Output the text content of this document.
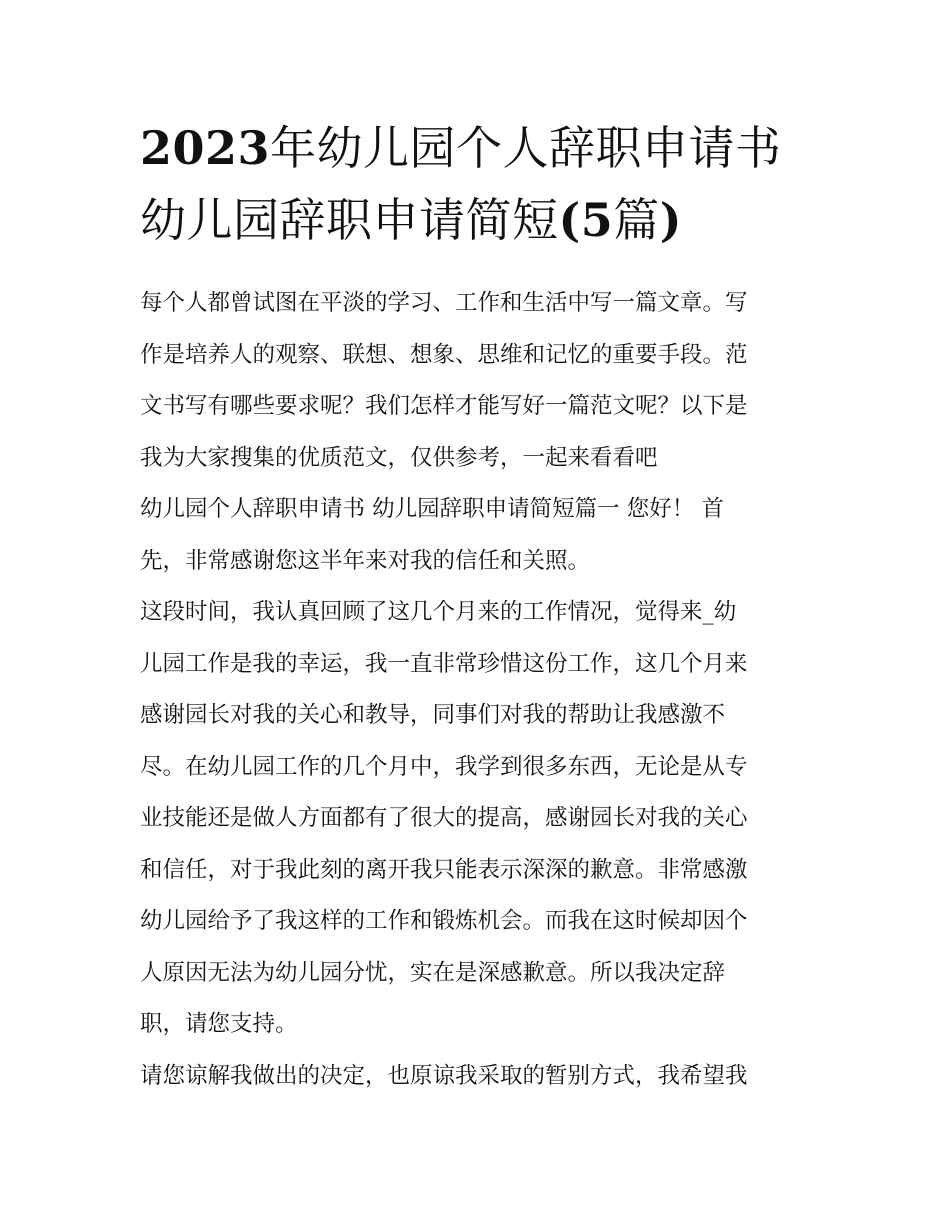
2023年幼儿园个人辞职申请书
幼儿园辞职申请简短(5篇)
每个人都曾试图在平淡的学习、工作和生活中写一篇文章。写
作是培养人的观察、联想、想象、思维和记忆的重要手段。范
文书写有哪些要求呢？我们怎样才能写好一篇范文呢？以下是
我为大家搜集的优质范文，仅供参考，一起来看看吧
幼儿园个人辞职申请书 幼儿园辞职申请简短篇一 您好！ 首
先，非常感谢您这半年来对我的信任和关照。
这段时间，我认真回顾了这几个月来的工作情况，觉得来_幼
儿园工作是我的幸运，我一直非常珍惜这份工作，这几个月来
感谢园长对我的关心和教导，同事们对我的帮助让我感激不
尽。在幼儿园工作的几个月中，我学到很多东西，无论是从专
业技能还是做人方面都有了很大的提高，感谢园长对我的关心
和信任，对于我此刻的离开我只能表示深深的歉意。非常感激
幼儿园给予了我这样的工作和锻炼机会。而我在这时候却因个
人原因无法为幼儿园分忧，实在是深感歉意。所以我决定辞
职，请您支持。
请您谅解我做出的决定，也原谅我采取的暂别方式，我希望我
